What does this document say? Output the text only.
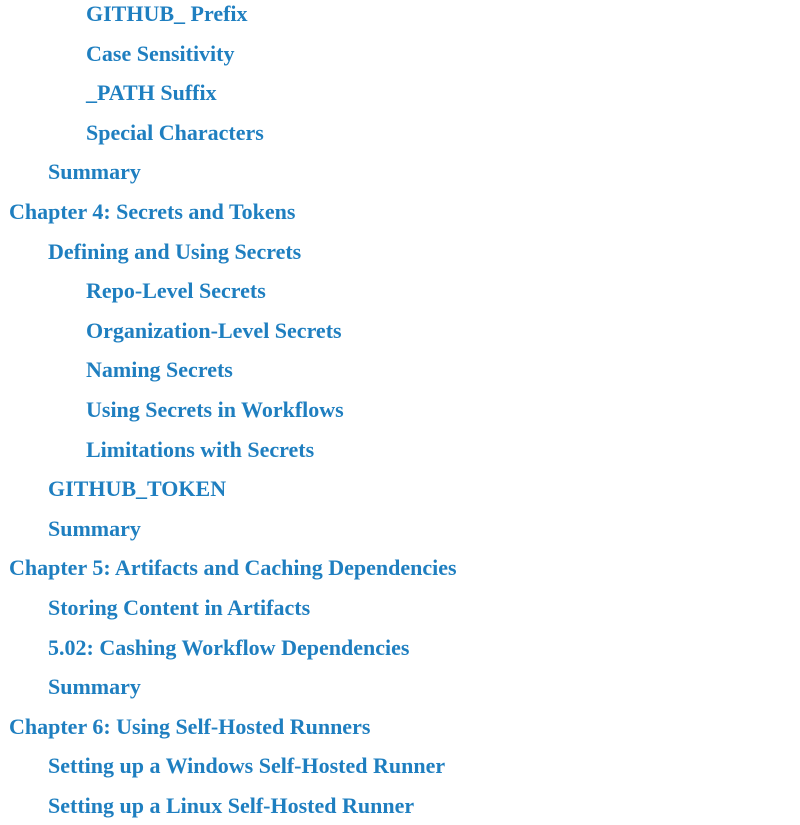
GITHUB_ Prefix
Case Sensitivity
_PATH Suffix
Special Characters
Summary
Chapter 4: Secrets and Tokens
Defining and Using Secrets
Repo-Level Secrets
Organization-Level Secrets
Naming Secrets
Using Secrets in Workflows
Limitations with Secrets
GITHUB_TOKEN
Summary
Chapter 5: Artifacts and Caching Dependencies
Storing Content in Artifacts
5.02: Cashing Workflow Dependencies
Summary
Chapter 6: Using Self-Hosted Runners
Setting up a Windows Self-Hosted Runner
Setting up a Linux Self-Hosted Runner
